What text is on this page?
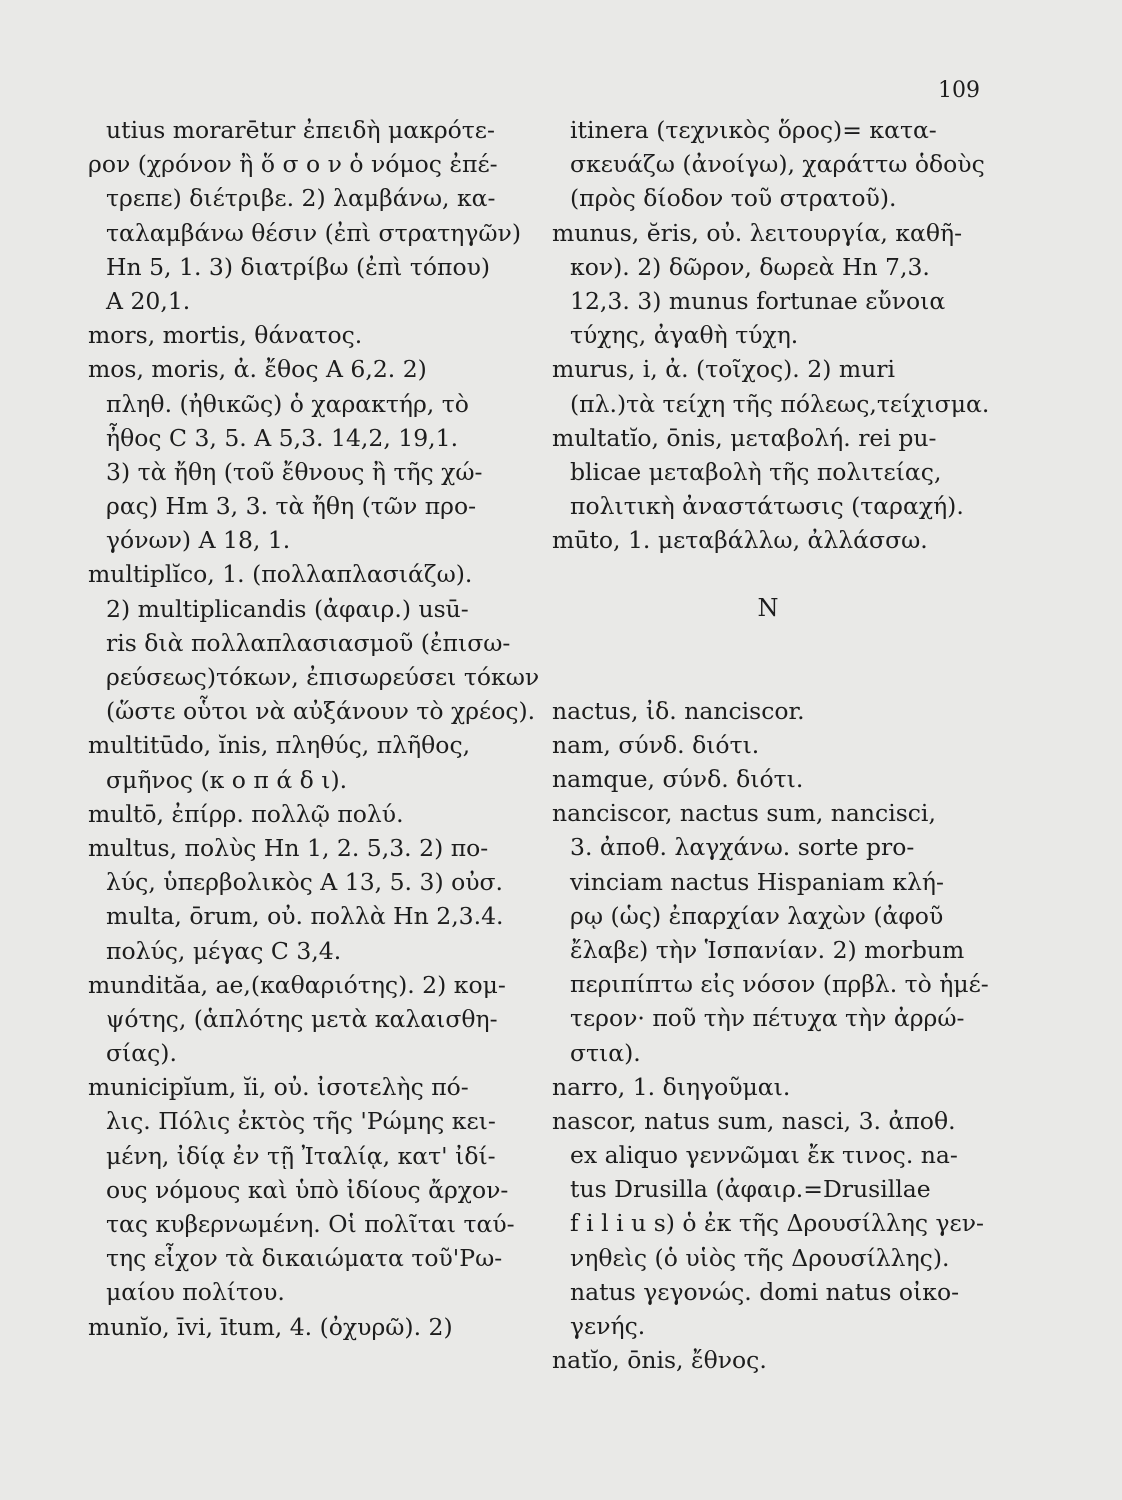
109
utius morarētur ἐπειδὴ μακρότε-
ρον (χρόνον ἢ ὅ σ ο ν ὁ νόμος ἐπέ-
τρεπε) διέτριβε. 2) λαμβάνω, κα-
ταλαμβάνω θέσιν (ἐπὶ στρατηγῶν)
Hn 5, 1. 3) διατρίβω (ἐπὶ τόπου)
A 20,1.
mors, mortis, θάνατος.
mos, moris, ἀ. ἔθος A 6,2. 2)
πληθ. (ἠθικῶς) ὁ χαρακτήρ, τὸ
ἦθος C 3, 5. A 5,3. 14,2, 19,1.
3) τὰ ἤθη (τοῦ ἔθνους ἢ τῆς χώ-
ρας) Hm 3, 3. τὰ ἤθη (τῶν προ-
γόνων) A 18, 1.
multiplĭco, 1. (πολλαπλασιάζω).
2) multiplicandis (ἀφαιρ.) usū-
ris διὰ πολλαπλασιασμοῦ (ἐπισω-
ρεύσεως)τόκων, ἐπισωρεύσει τόκων
(ὥστε οὗτοι νὰ αὐξάνουν τὸ χρέος).
multitūdo, ĭnis, πληθύς, πλῆθος,
σμῆνος (κ ο π ά δ ι).
multō, ἐπίρρ. πολλῷ πολύ.
multus, πολὺς Hn 1, 2. 5,3. 2) πο-
λύς, ὑπερβολικὸς A 13, 5. 3) οὐσ.
multa, ōrum, οὐ. πολλὰ Hn 2,3.4.
πολύς, μέγας C 3,4.
mundităa, ae,(καθαριότης). 2) κομ-
ψότης, (ἁπλότης μετὰ καλαισθη-
σίας).
municipĭum, ĭi, οὐ. ἰσοτελὴς πό-
λις. Πόλις ἐκτὸς τῆς 'Ρώμης κει-
μένη, ἰδίᾳ ἐν τῇ Ἰταλίᾳ, κατ' ἰδί-
ους νόμους καὶ ὑπὸ ἰδίους ἄρχον-
τας κυβερνωμένη. Οἱ πολῖται ταύ-
της εἶχον τὰ δικαιώματα τοῦ'Ρω-
μαίου πολίτου.
munĭo, īvi, ītum, 4. (ὀχυρῶ). 2)
itinera (τεχνικὸς ὅρος)= κατα-
σκευάζω (ἀνοίγω), χαράττω ὁδοὺς
(πρὸς δίοδον τοῦ στρατοῦ).
munus, ĕris, οὐ. λειτουργία, καθῆ-
κον). 2) δῶρον, δωρεὰ Hn 7,3.
12,3. 3) munus fortunae εὔνοια
τύχης, ἀγαθὴ τύχη.
murus, i, ἀ. (τοῖχος). 2) muri
(πλ.)τὰ τείχη τῆς πόλεως,τείχισμα.
multatĭo, ōnis, μεταβολή. rei pu-
blicae μεταβολὴ τῆς πολιτείας,
πολιτικὴ ἀναστάτωσις (ταραχή).
mūto, 1. μεταβάλλω, ἀλλάσσω.
N
nactus, ἰδ. nanciscor.
nam, σύνδ. διότι.
namque, σύνδ. διότι.
nanciscor, nactus sum, nancisci,
3. ἀποθ. λαγχάνω. sorte pro-
vinciam nactus Hispaniam κλή-
ρῳ (ὡς) ἐπαρχίαν λαχὼν (ἀφοῦ
ἔλαβε) τὴν Ἱσπανίαν. 2) morbum
περιπίπτω εἰς νόσον (πρβλ. τὸ ἡμέ-
τερον· ποῦ τὴν πέτυχα τὴν ἀρρώ-
στια).
narro, 1. διηγοῦμαι.
nascor, natus sum, nasci, 3. ἀποθ.
ex aliquo γεννῶμαι ἔκ τινος. na-
tus Drusilla (ἀφαιρ.=Drusillae
f i l i u s) ὁ ἐκ τῆς Δρουσίλλης γεν-
νηθεὶς (ὁ υἱὸς τῆς Δρουσίλλης).
natus γεγονώς. domi natus οἰκο-
γενής.
natĭo, ōnis, ἔθνος.
